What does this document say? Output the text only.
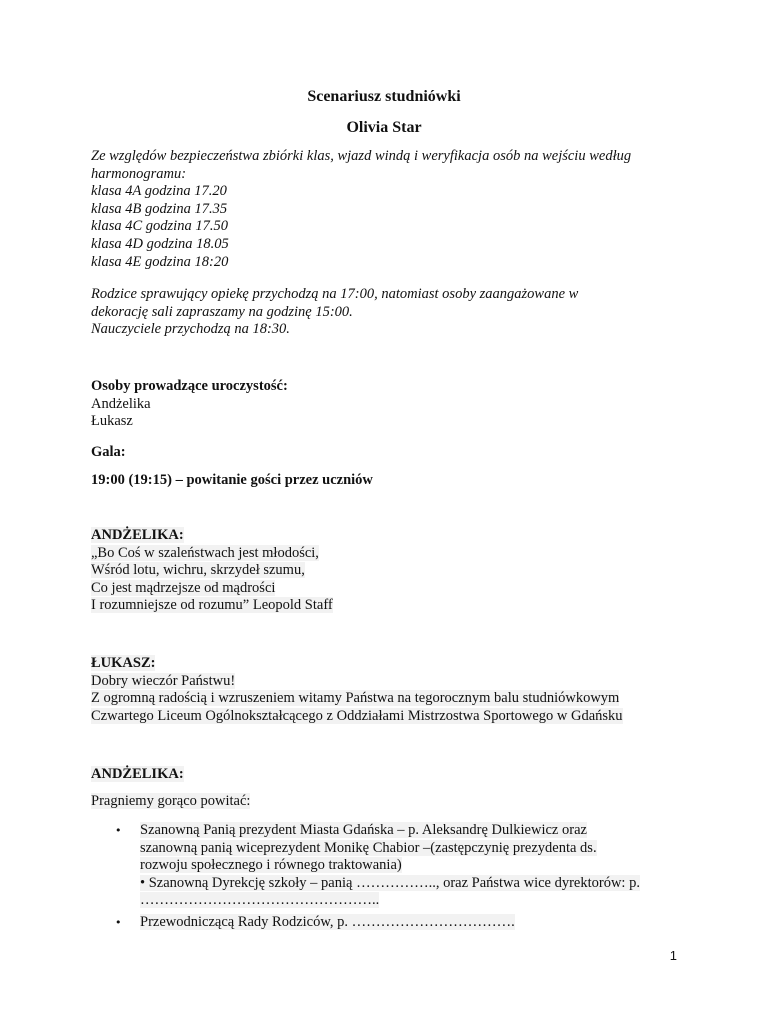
Scenariusz studniówki
Olivia Star
Ze względów bezpieczeństwa zbiórki klas, wjazd windą i weryfikacja osób na wejściu według
harmonogramu:
klasa 4A godzina 17.20
klasa 4B godzina 17.35
klasa 4C godzina 17.50
klasa 4D godzina 18.05
klasa 4E godzina 18:20
Rodzice sprawujący opiekę przychodzą na 17:00, natomiast osoby zaangażowane w
dekorację sali zapraszamy na godzinę 15:00.
Nauczyciele przychodzą na 18:30.
Osoby prowadzące uroczystość:
Andżelika
Łukasz
Gala:
19:00 (19:15) – powitanie gości przez uczniów
ANDŻELIKA:
„Bo Coś w szaleństwach jest młodości,
Wśród lotu, wichru, skrzydeł szumu,
Co jest mądrzejsze od mądrości
I rozumniejsze od rozumu” Leopold Staff
ŁUKASZ:
Dobry wieczór Państwu!
Z ogromną radością i wzruszeniem witamy Państwa na tegorocznym balu studniówkowym
Czwartego Liceum Ogólnokształcącego z Oddziałami Mistrzostwa Sportowego w Gdańsku
ANDŻELIKA:
Pragniemy gorąco powitać:
• Szanowną Panią prezydent Miasta Gdańska – p. Aleksandrę Dulkiewicz oraz
szanowną panią wiceprezydent Monikę Chabior –(zastępczynię prezydenta ds.
rozwoju społecznego i równego traktowania)
• Szanowną Dyrekcję szkoły – panią …………….., oraz Państwa wice dyrektorów: p.
…………………………………………..
• Przewodniczącą Rady Rodziców, p. …………………………….
1
